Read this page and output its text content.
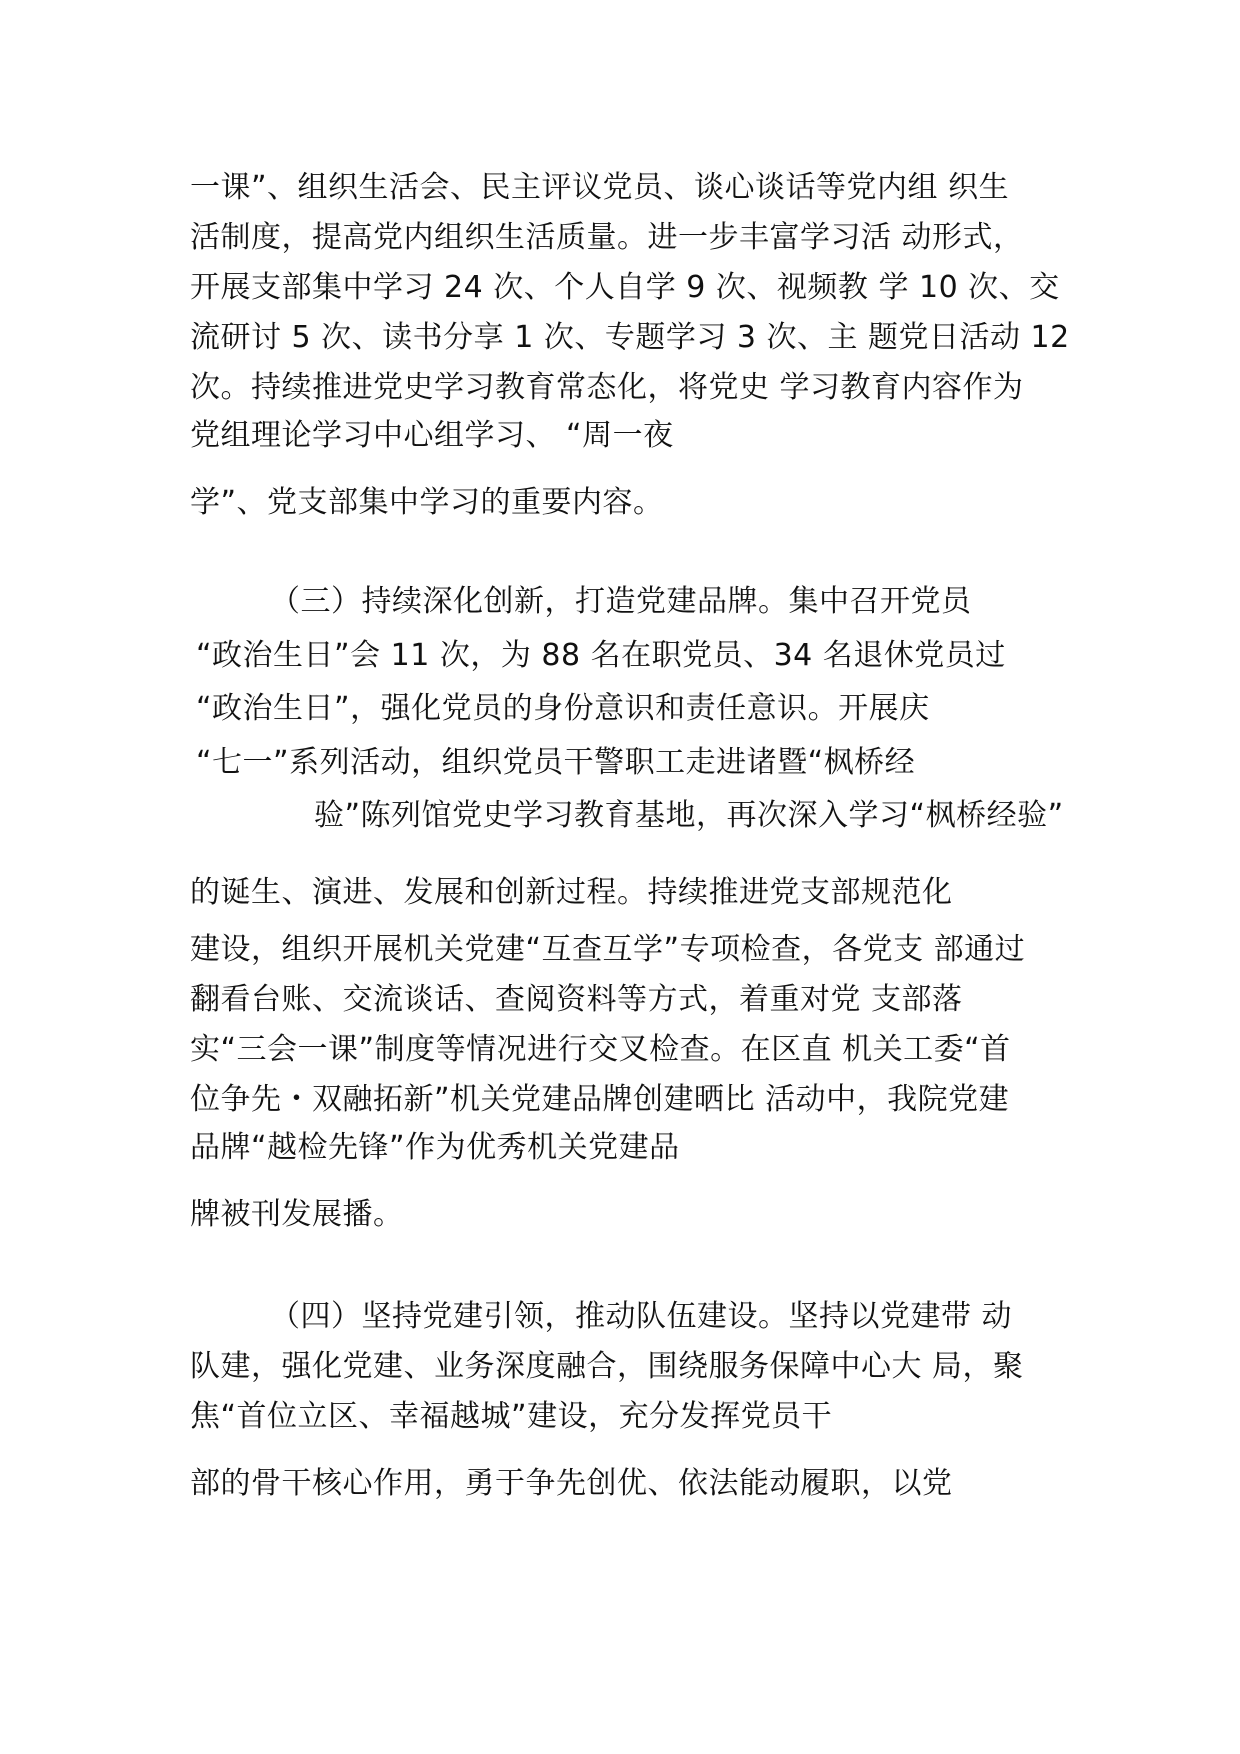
一课”、组织生活会、民主评议党员、谈心谈话等党内组 织生
活制度，提高党内组织生活质量。进一步丰富学习活 动形式，
开展支部集中学习 24 次、个人自学 9 次、视频教 学 10 次、交
流研讨 5 次、读书分享 1 次、专题学习 3 次、主 题党日活动 12
次。持续推进党史学习教育常态化，将党史 学习教育内容作为
党组理论学习中心组学习、 “周一夜
学”、党支部集中学习的重要内容。
（三）持续深化创新，打造党建品牌。集中召开党员
“政治生日”会 11 次，为 88 名在职党员、34 名退休党员过
“政治生日”，强化党员的身份意识和责任意识。开展庆
“七一”系列活动，组织党员干警职工走进诸暨“枫桥经
验”陈列馆党史学习教育基地，再次深入学习“枫桥经验”
的诞生、演进、发展和创新过程。持续推进党支部规范化
建设，组织开展机关党建“互查互学”专项检查，各党支 部通过
翻看台账、交流谈话、查阅资料等方式，着重对党 支部落
实“三会一课”制度等情况进行交叉检查。在区直 机关工委“首
位争先・双融拓新”机关党建品牌创建晒比 活动中，我院党建
品牌“越检先锋”作为优秀机关党建品
牌被刊发展播。
（四）坚持党建引领，推动队伍建设。坚持以党建带 动
队建，强化党建、业务深度融合，围绕服务保障中心大 局，聚
焦“首位立区、幸福越城”建设，充分发挥党员干
部的骨干核心作用，勇于争先创优、依法能动履职，以党
